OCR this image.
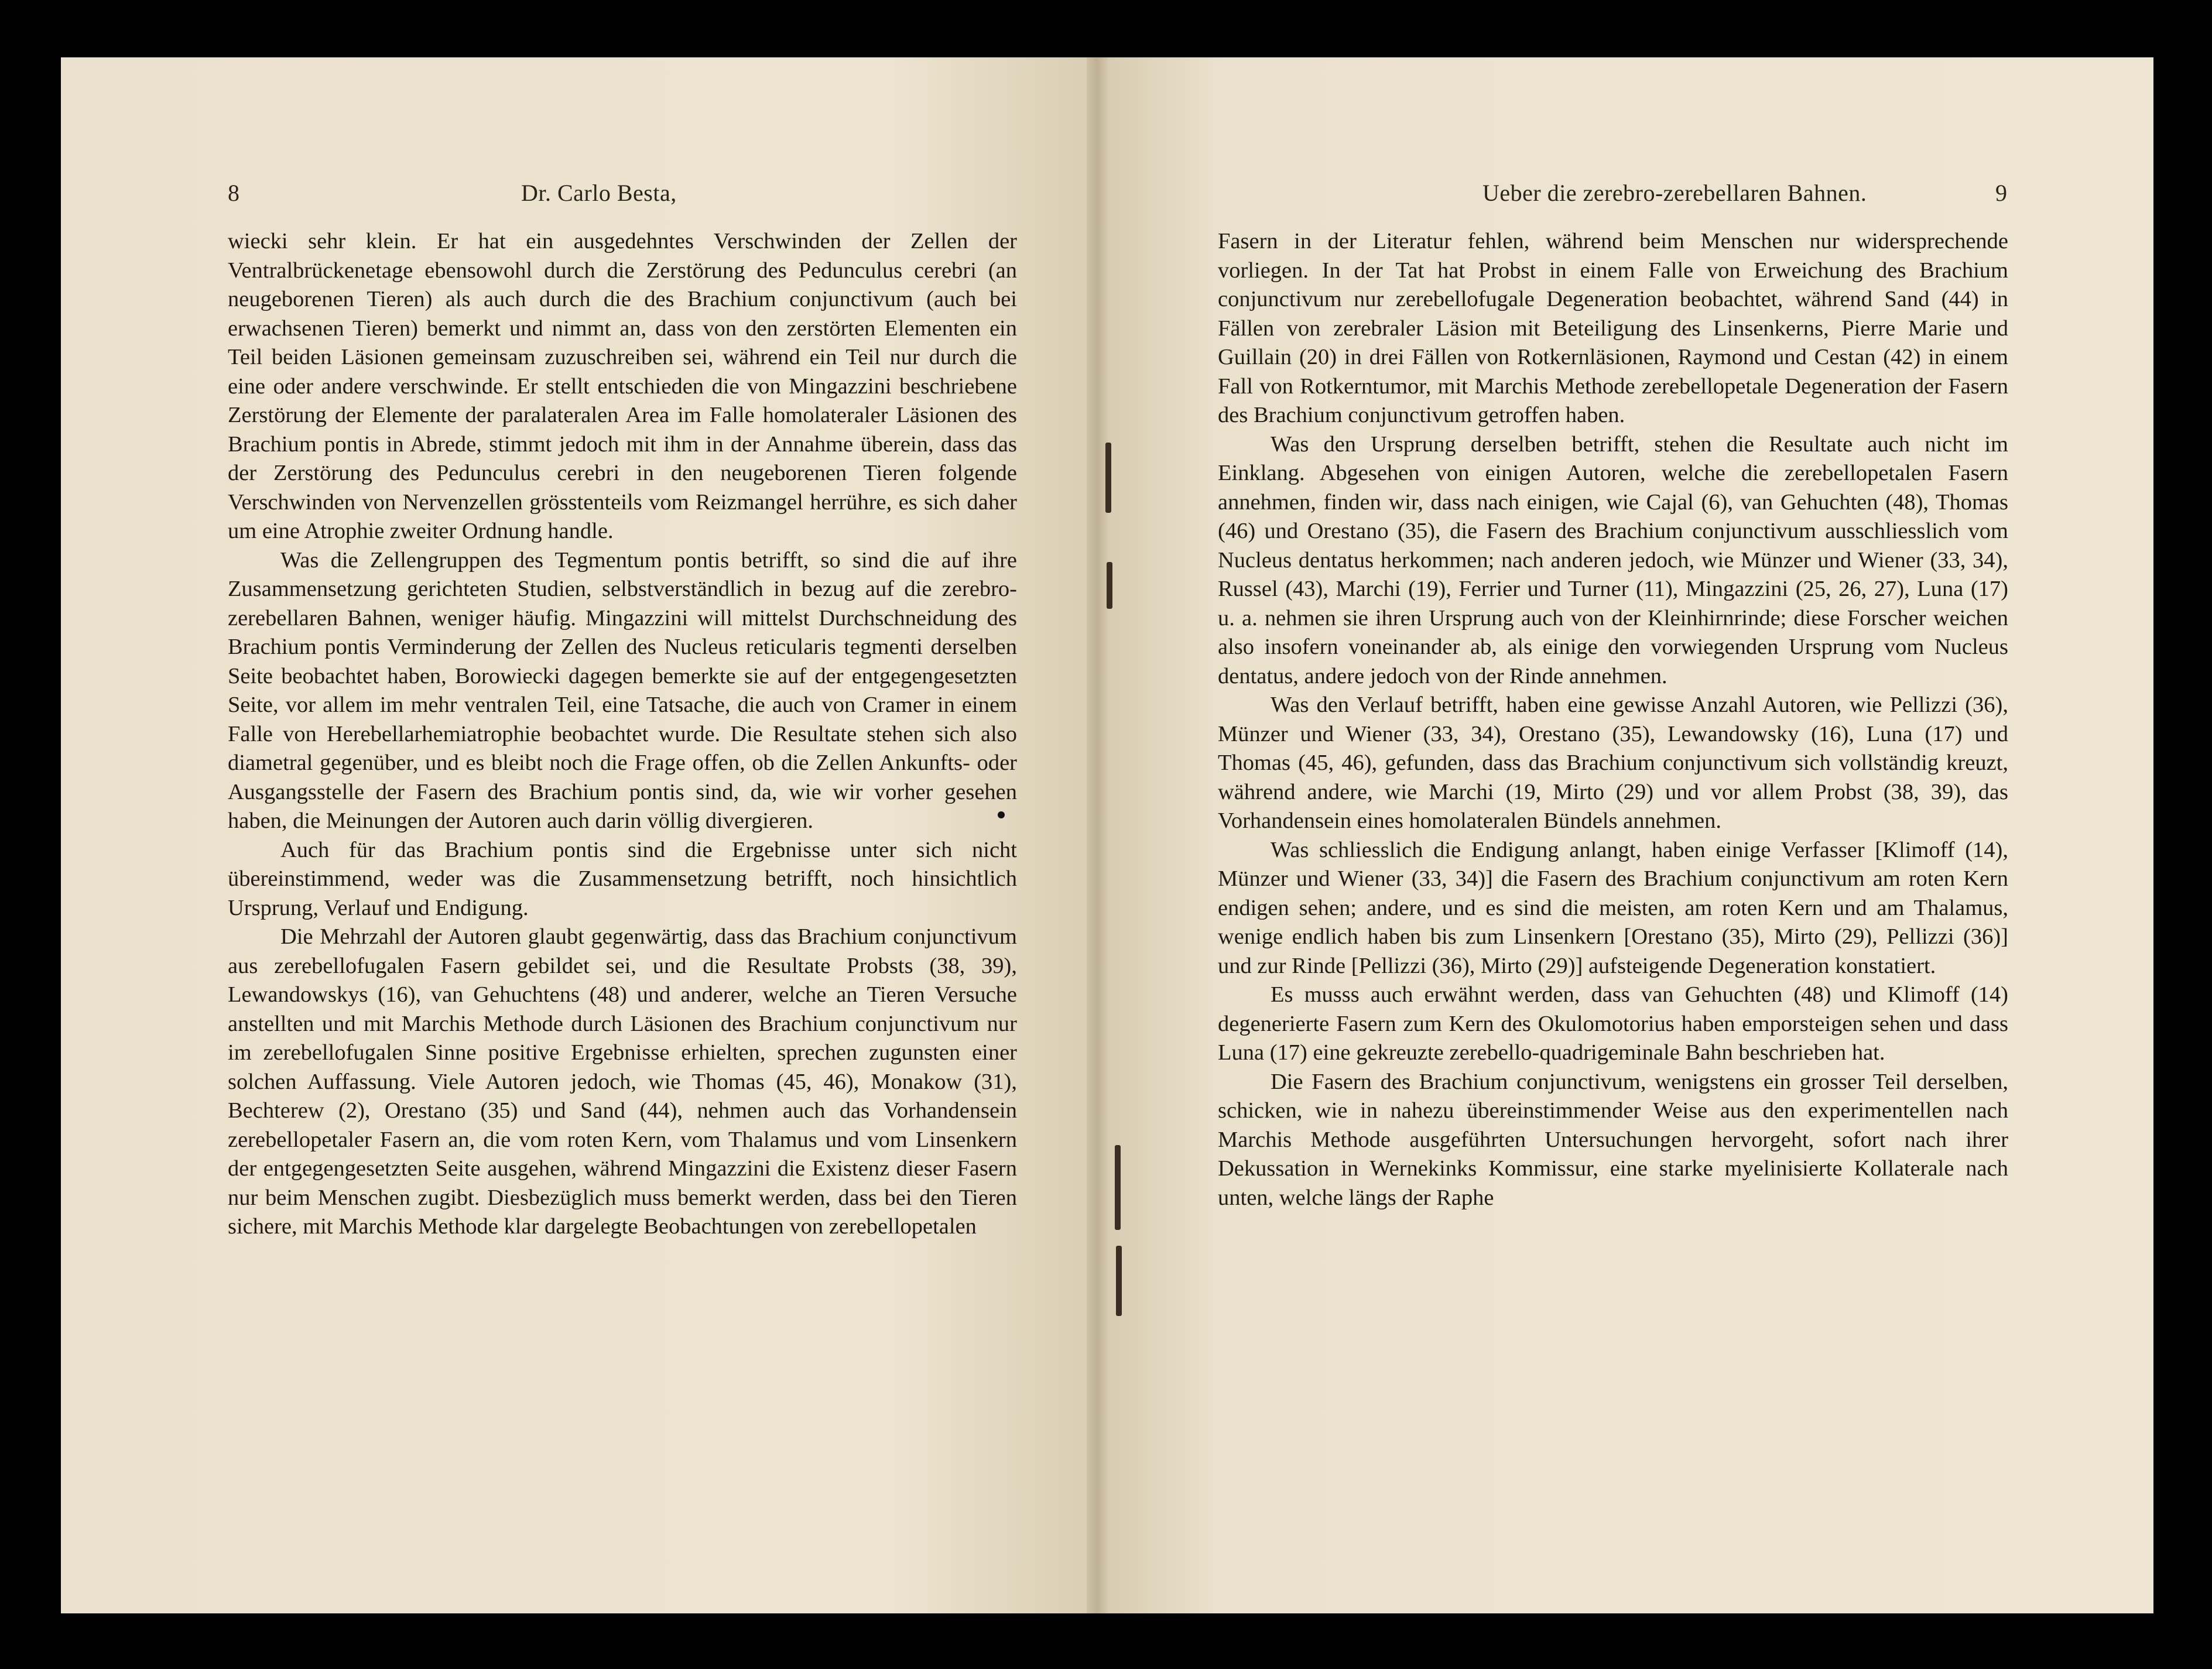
8	Dr. Carlo Besta,

wiecki sehr klein. Er hat ein ausgedehntes Verschwinden der Zellen der Ventralbrückenetage ebensowohl durch die Zerstörung des Pedunculus cerebri (an neugeborenen Tieren) als auch durch die des Brachium conjunctivum (auch bei erwachsenen Tieren) bemerkt und nimmt an, dass von den zerstörten Elementen ein Teil beiden Läsionen gemeinsam zuzuschreiben sei, während ein Teil nur durch die eine oder andere verschwinde. Er stellt entschieden die von Mingazzini beschriebene Zerstörung der Elemente der paralateralen Area im Falle homolateraler Läsionen des Brachium pontis in Abrede, stimmt jedoch mit ihm in der Annahme überein, dass das der Zerstörung des Pedunculus cerebri in den neugeborenen Tieren folgende Verschwinden von Nervenzellen grösstenteils vom Reizmangel herrühre, es sich daher um eine Atrophie zweiter Ordnung handle.

Was die Zellengruppen des Tegmentum pontis betrifft, so sind die auf ihre Zusammensetzung gerichteten Studien, selbstverständlich in bezug auf die zerebro-zerebellaren Bahnen, weniger häufig. Mingazzini will mittelst Durchschneidung des Brachium pontis Verminderung der Zellen des Nucleus reticularis tegmenti derselben Seite beobachtet haben, Borowiecki dagegen bemerkte sie auf der entgegengesetzten Seite, vor allem im mehr ventralen Teil, eine Tatsache, die auch von Cramer in einem Falle von Herebellarhemiatrophie beobachtet wurde. Die Resultate stehen sich also diametral gegenüber, und es bleibt noch die Frage offen, ob die Zellen Ankunfts- oder Ausgangsstelle der Fasern des Brachium pontis sind, da, wie wir vorher gesehen haben, die Meinungen der Autoren auch darin völlig divergieren.

Auch für das Brachium pontis sind die Ergebnisse unter sich nicht übereinstimmend, weder was die Zusammensetzung betrifft, noch hinsichtlich Ursprung, Verlauf und Endigung.

Die Mehrzahl der Autoren glaubt gegenwärtig, dass das Brachium conjunctivum aus zerebellofugalen Fasern gebildet sei, und die Resultate Probsts (38, 39), Lewandowskys (16), van Gehuchtens (48) und anderer, welche an Tieren Versuche anstellten und mit Marchis Methode durch Läsionen des Brachium conjunctivum nur im zerebellofugalen Sinne positive Ergebnisse erhielten, sprechen zugunsten einer solchen Auffassung. Viele Autoren jedoch, wie Thomas (45, 46), Monakow (31), Bechterew (2), Orestano (35) und Sand (44), nehmen auch das Vorhandensein zerebellopetaler Fasern an, die vom roten Kern, vom Thalamus und vom Linsenkern der entgegengesetzten Seite ausgehen, während Mingazzini die Existenz dieser Fasern nur beim Menschen zugibt. Diesbezüglich muss bemerkt werden, dass bei den Tieren sichere, mit Marchis Methode klar dargelegte Beobachtungen von zerebellopetalen

Ueber die zerebro-zerebellaren Bahnen.	9

Fasern in der Literatur fehlen, während beim Menschen nur widersprechende vorliegen. In der Tat hat Probst in einem Falle von Erweichung des Brachium conjunctivum nur zerebellofugale Degeneration beobachtet, während Sand (44) in Fällen von zerebraler Läsion mit Beteiligung des Linsenkerns, Pierre Marie und Guillain (20) in drei Fällen von Rotkernläsionen, Raymond und Cestan (42) in einem Fall von Rotkerntumor, mit Marchis Methode zerebellopetale Degeneration der Fasern des Brachium conjunctivum getroffen haben.

Was den Ursprung derselben betrifft, stehen die Resultate auch nicht im Einklang. Abgesehen von einigen Autoren, welche die zerebellopetalen Fasern annehmen, finden wir, dass nach einigen, wie Cajal (6), van Gehuchten (48), Thomas (46) und Orestano (35), die Fasern des Brachium conjunctivum ausschliesslich vom Nucleus dentatus herkommen; nach anderen jedoch, wie Münzer und Wiener (33, 34), Russel (43), Marchi (19), Ferrier und Turner (11), Mingazzini (25, 26, 27), Luna (17) u. a. nehmen sie ihren Ursprung auch von der Kleinhirnrinde; diese Forscher weichen also insofern voneinander ab, als einige den vorwiegenden Ursprung vom Nucleus dentatus, andere jedoch von der Rinde annehmen.

Was den Verlauf betrifft, haben eine gewisse Anzahl Autoren, wie Pellizzi (36), Münzer und Wiener (33, 34), Orestano (35), Lewandowsky (16), Luna (17) und Thomas (45, 46), gefunden, dass das Brachium conjunctivum sich vollständig kreuzt, während andere, wie Marchi (19, Mirto (29) und vor allem Probst (38, 39), das Vorhandensein eines homolateralen Bündels annehmen.

Was schliesslich die Endigung anlangt, haben einige Verfasser [Klimoff (14), Münzer und Wiener (33, 34)] die Fasern des Brachium conjunctivum am roten Kern endigen sehen; andere, und es sind die meisten, am roten Kern und am Thalamus, wenige endlich haben bis zum Linsenkern [Orestano (35), Mirto (29), Pellizzi (36)] und zur Rinde [Pellizzi (36), Mirto (29)] aufsteigende Degeneration konstatiert.

Es musss auch erwähnt werden, dass van Gehuchten (48) und Klimoff (14) degenerierte Fasern zum Kern des Okulomotorius haben emporsteigen sehen und dass Luna (17) eine gekreuzte zerebello-quadrigeminale Bahn beschrieben hat.

Die Fasern des Brachium conjunctivum, wenigstens ein grosser Teil derselben, schicken, wie in nahezu übereinstimmender Weise aus den experimentellen nach Marchis Methode ausgeführten Untersuchungen hervorgeht, sofort nach ihrer Dekussation in Wernekinks Kommissur, eine starke myelinisierte Kollaterale nach unten, welche längs der Raphe
